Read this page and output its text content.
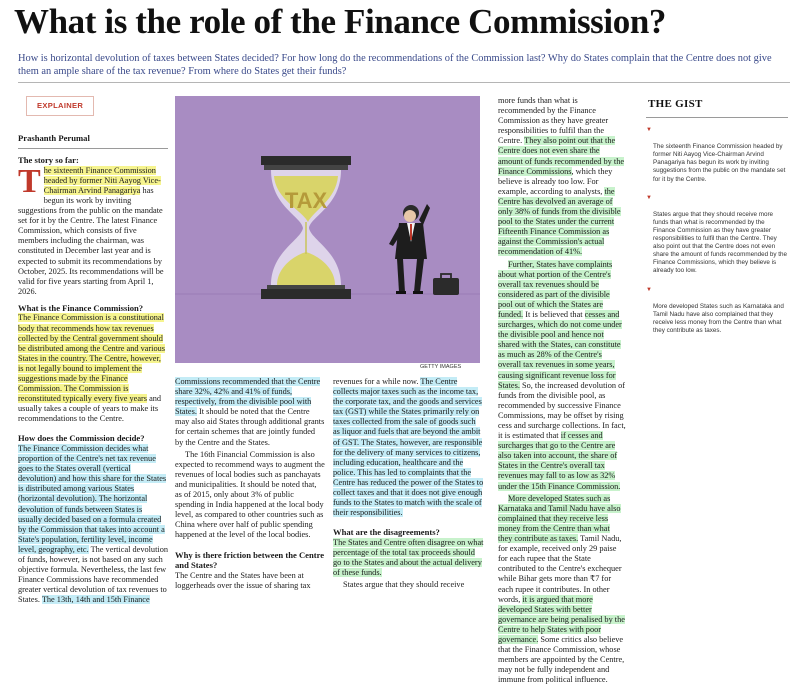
What is the role of the Finance Commission?
How is horizontal devolution of taxes between States decided? For how long do the recommendations of the Commission last? Why do States complain that the Centre does not give them an ample share of the tax revenue? From where do States get their funds?
EXPLAINER
Prashanth Perumal
The story so far:

The sixteenth Finance Commission headed by former Niti Aayog Vice-Chairman Arvind Panagariya has begun its work by inviting suggestions from the public on the mandate set for it by the Centre. The latest Finance Commission, which consists of five members including the chairman, was constituted in December last year and is expected to submit its recommendations by October, 2025. Its recommendations will be valid for five years starting from April 1, 2026.

What is the Finance Commission?

The Finance Commission is a constitutional body that recommends how tax revenues collected by the Central government should be distributed among the Centre and various States in the country. The Centre, however, is not legally bound to implement the suggestions made by the Finance Commission. The Commission is reconstituted typically every five years and usually takes a couple of years to make its recommendations to the Centre.

How does the Commission decide?

The Finance Commission decides what proportion of the Centre's net tax revenue goes to the States overall (vertical devolution) and how this share for the States is distributed among various States (horizontal devolution). The horizontal devolution of funds between States is usually decided based on a formula created by the Commission that takes into account a State's population, fertility level, income level, geography, etc. The vertical devolution of funds, however, is not based on any such objective formula. Nevertheless, the last few Finance Commissions have recommended greater vertical devolution of tax revenues to States. The 13th, 14th and 15th Finance

TAX
GETTY IMAGES

Commissions recommended that the Centre share 32%, 42% and 41% of funds, respectively, from the divisible pool with States. It should be noted that the Centre may also aid States through additional grants for certain schemes that are jointly funded by the Centre and the States.

The 16th Financial Commission is also expected to recommend ways to augment the revenues of local bodies such as panchayats and municipalities. It should be noted that, as of 2015, only about 3% of public spending in India happened at the local body level, as compared to other countries such as China where over half of public spending happened at the level of the local bodies.

Why is there friction between the Centre and States?

The Centre and the States have been at loggerheads over the issue of sharing tax

revenues for a while now. The Centre collects major taxes such as the income tax, the corporate tax, and the goods and services tax (GST) while the States primarily rely on taxes collected from the sale of goods such as liquor and fuels that are beyond the ambit of GST. The States, however, are responsible for the delivery of many services to citizens, including education, healthcare and the police. This has led to complaints that the Centre has reduced the power of the States to collect taxes and that it does not give enough funds to the States to match with the scale of their responsibilities.

What are the disagreements?

The States and Centre often disagree on what percentage of the total tax proceeds should go to the States and about the actual delivery of these funds.

States argue that they should receive

more funds than what is recommended by the Finance Commission as they have greater responsibilities to fulfil than the Centre. They also point out that the Centre does not even share the amount of funds recommended by the Finance Commissions, which they believe is already too low. For example, according to analysts, the Centre has devolved an average of only 38% of funds from the divisible pool to the States under the current Fifteenth Finance Commission as against the Commission's actual recommendation of 41%.

Further, States have complaints about what portion of the Centre's overall tax revenues should be considered as part of the divisible pool out of which the States are funded. It is believed that cesses and surcharges, which do not come under the divisible pool and hence not shared with the States, can constitute as much as 28% of the Centre's overall tax revenues in some years, causing significant revenue loss for States. So, the increased devolution of funds from the divisible pool, as recommended by successive Finance Commissions, may be offset by rising cess and surcharge collections. In fact, it is estimated that if cesses and surcharges that go to the Centre are also taken into account, the share of States in the Centre's overall tax revenues may fall to as low as 32% under the 15th Finance Commission.

More developed States such as Karnataka and Tamil Nadu have also complained that they receive less money from the Centre than what they contribute as taxes. Tamil Nadu, for example, received only 29 paise for each rupee that the State contributed to the Centre's exchequer while Bihar gets more than ₹7 for each rupee it contributes. In other words, it is argued that more developed States with better governance are being penalised by the Centre to help States with poor governance. Some critics also believe that the Finance Commission, whose members are appointed by the Centre, may not be fully independent and immune from political influence.

THE GIST
▼
The sixteenth Finance Commission headed by former Niti Aayog Vice-Chairman Arvind Panagariya has begun its work by inviting suggestions from the public on the mandate set for it by the Centre.
▼
States argue that they should receive more funds than what is recommended by the Finance Commission as they have greater responsibilities to fulfil than the Centre. They also point out that the Centre does not even share the amount of funds recommended by the Finance Commissions, which they believe is already too low.
▼
More developed States such as Karnataka and Tamil Nadu have also complained that they receive less money from the Centre than what they contribute as taxes.
